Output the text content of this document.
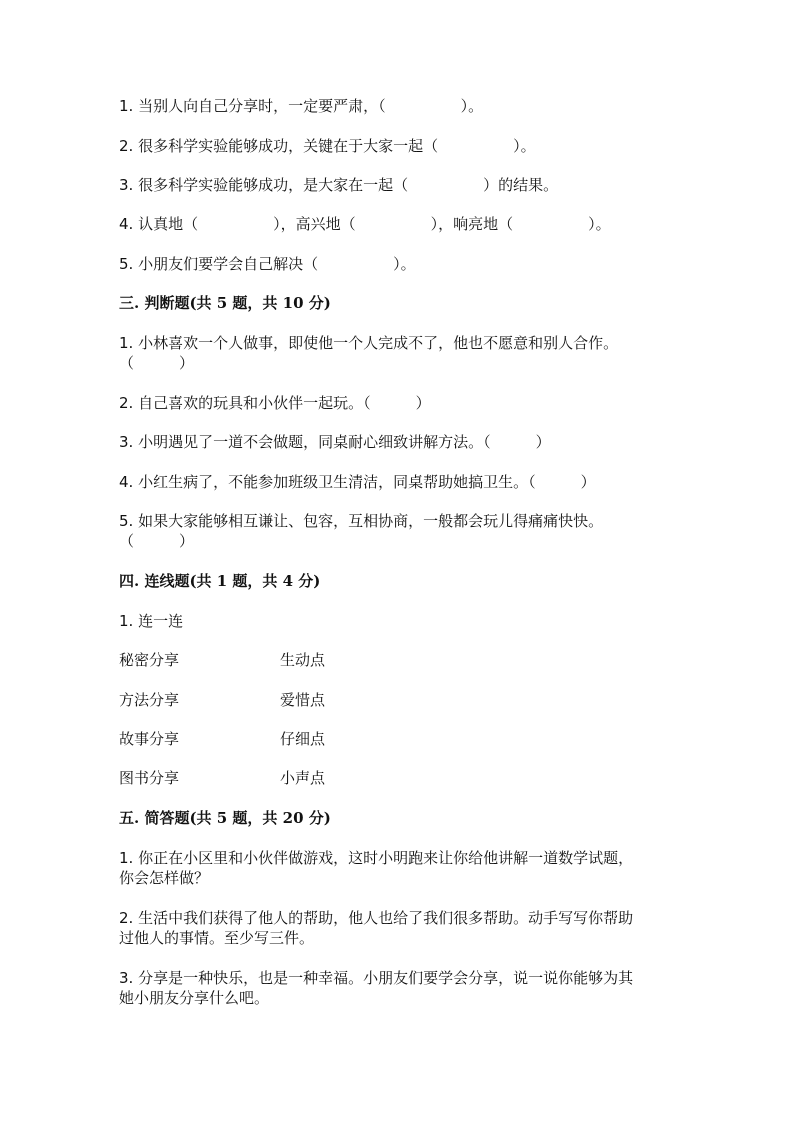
1. 当别人向自己分享时，一定要严肃，（　　　　　）。

2. 很多科学实验能够成功，关键在于大家一起（　　　　　）。

3. 很多科学实验能够成功，是大家在一起（　　　　　）的结果。

4. 认真地（　　　　　），高兴地（　　　　　），响亮地（　　　　　）。

5. 小朋友们要学会自己解决（　　　　　）。

三. 判断题(共 5 题，共 10 分)

1. 小林喜欢一个人做事，即使他一个人完成不了，他也不愿意和别人合作。

（　　　）

2. 自己喜欢的玩具和小伙伴一起玩。（　　　）

3. 小明遇见了一道不会做题，同桌耐心细致讲解方法。（　　　）

4. 小红生病了，不能参加班级卫生清洁，同桌帮助她搞卫生。（　　　）

5. 如果大家能够相互谦让、包容，互相协商，一般都会玩儿得痛痛快快。

（　　　）

四. 连线题(共 1 题，共 4 分)

1. 连一连

秘密分享	生动点
方法分享	爱惜点
故事分享	仔细点
图书分享	小声点

五. 简答题(共 5 题，共 20 分)

1. 你正在小区里和小伙伴做游戏，这时小明跑来让你给他讲解一道数学试题，

你会怎样做？

2. 生活中我们获得了他人的帮助，他人也给了我们很多帮助。动手写写你帮助

过他人的事情。至少写三件。

3. 分享是一种快乐，也是一种幸福。小朋友们要学会分享，说一说你能够为其

她小朋友分享什么吧。
